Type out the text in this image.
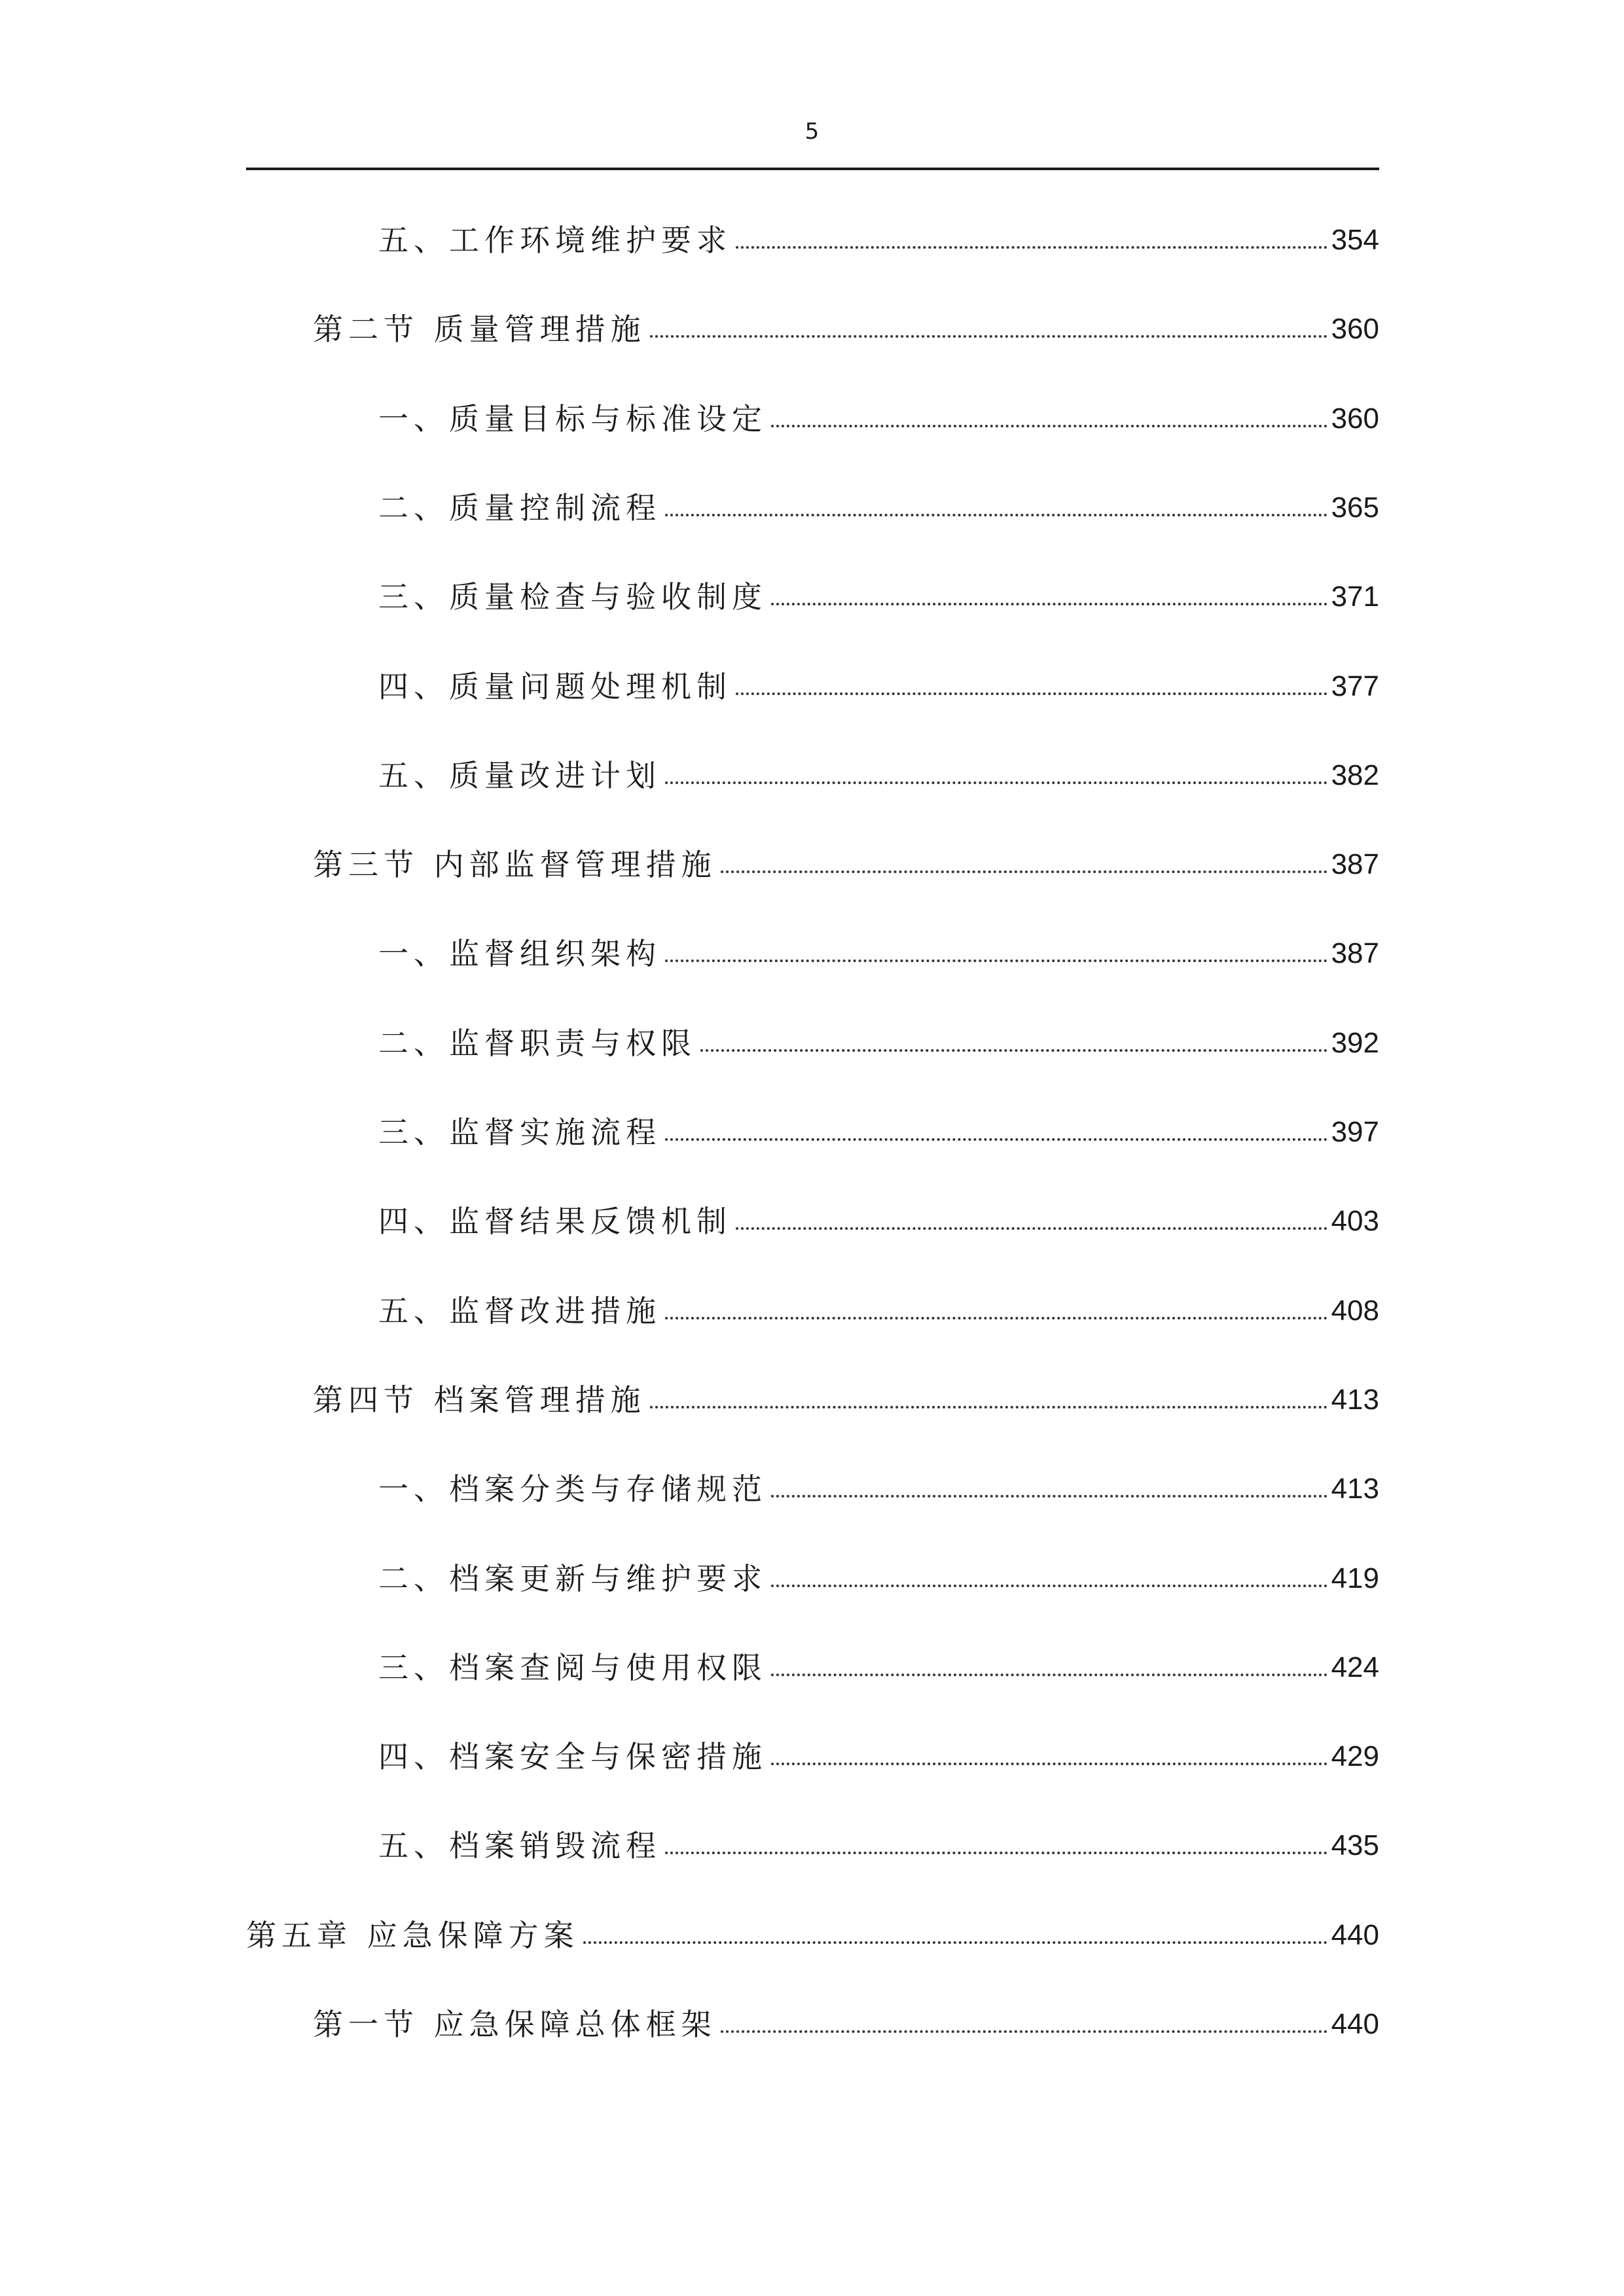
5
五、工作环境维护要求	354
第二节 质量管理措施	360
一、质量目标与标准设定	360
二、质量控制流程	365
三、质量检查与验收制度	371
四、质量问题处理机制	377
五、质量改进计划	382
第三节 内部监督管理措施	387
一、监督组织架构	387
二、监督职责与权限	392
三、监督实施流程	397
四、监督结果反馈机制	403
五、监督改进措施	408
第四节 档案管理措施	413
一、档案分类与存储规范	413
二、档案更新与维护要求	419
三、档案查阅与使用权限	424
四、档案安全与保密措施	429
五、档案销毁流程	435
第五章 应急保障方案	440
第一节 应急保障总体框架	440
